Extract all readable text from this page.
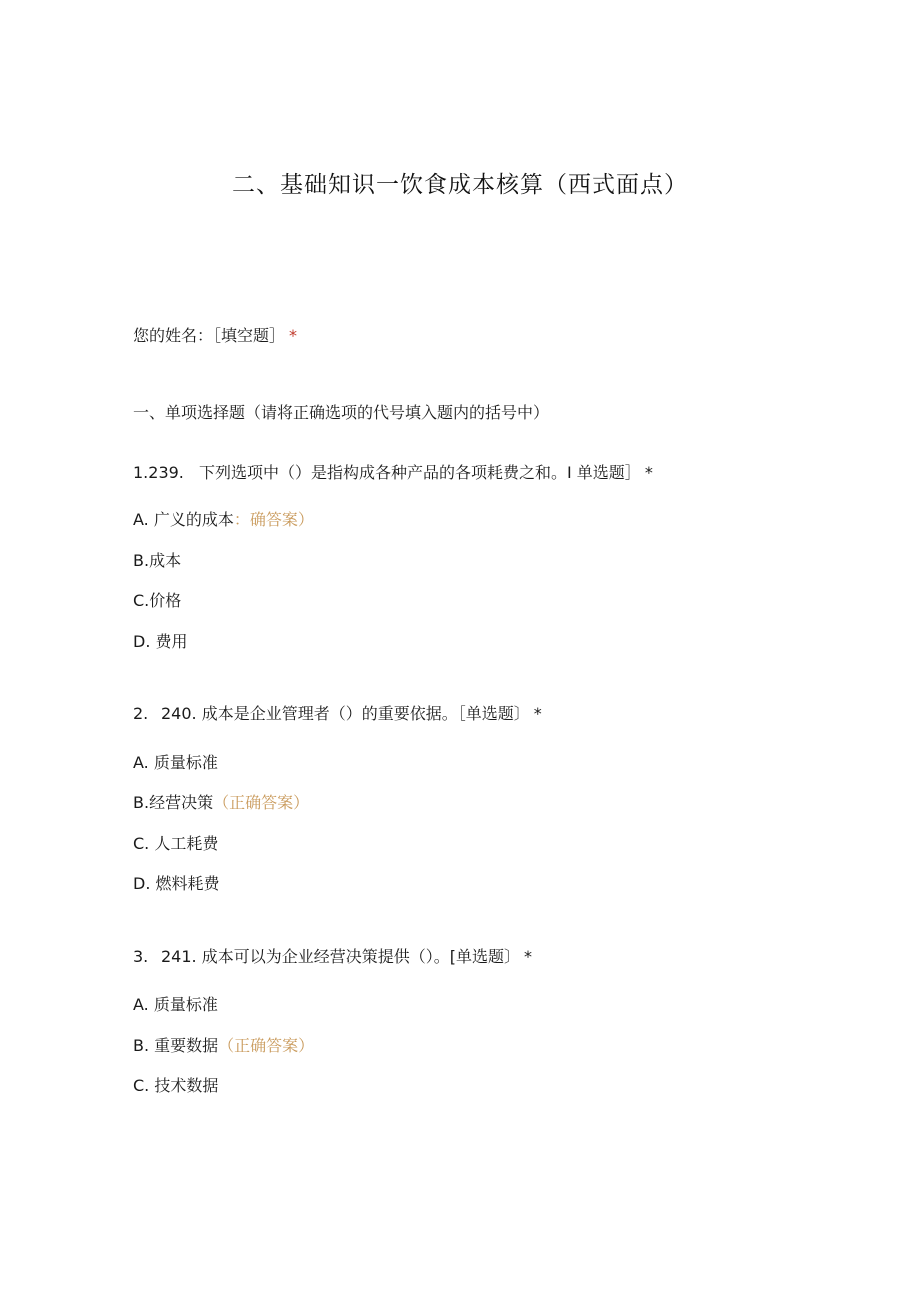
二、基础知识一饮食成本核算（西式面点）
您的姓名：［填空题］ *
一、单项选择题（请将正确选项的代号填入题内的括号中）
1.239. 下列选项中（）是指构成各种产品的各项耗费之和。I 单选题］ *
A. 广义的成本：确答案）
B.成本
C.价格
D. 费用
2. 240. 成本是企业管理者（）的重要依据。［单选题〕 *
A. 质量标准
B.经营决策（正确答案）
C. 人工耗费
D. 燃料耗费
3. 241. 成本可以为企业经营决策提供（）。[单选题〕 *
A. 质量标准
B. 重要数据（正确答案）
C. 技术数据
